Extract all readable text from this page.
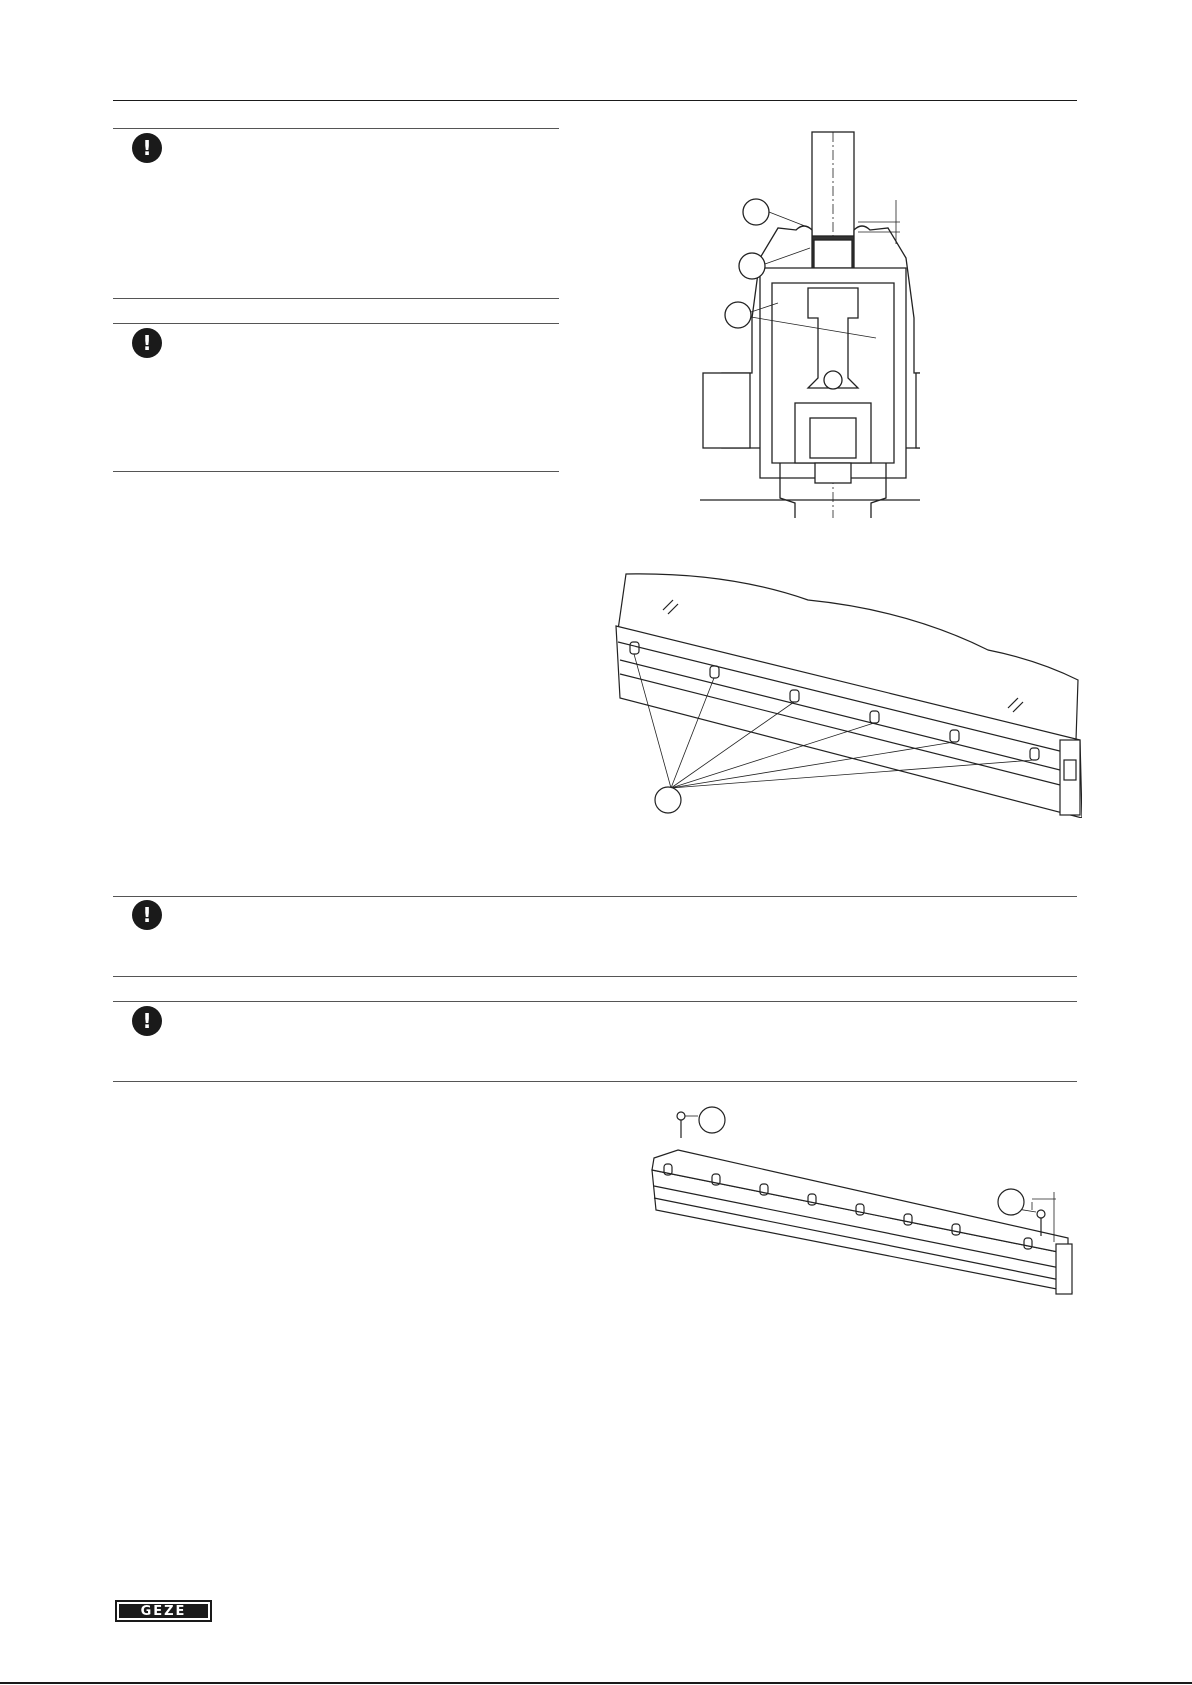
!
!
!
!
GEZE
